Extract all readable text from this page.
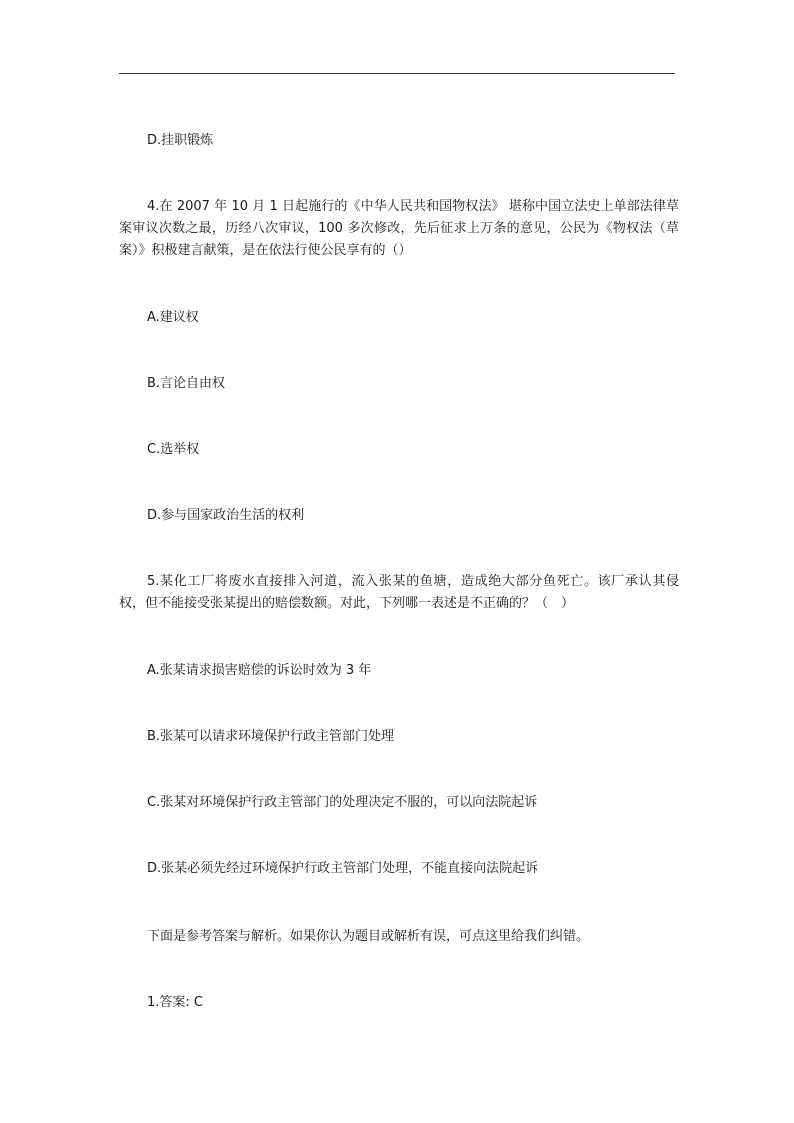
D.挂职锻炼
4.在 2007 年 10 月 1 日起施行的《中华人民共和国物权法》 堪称中国立法史上单部法律草案审议次数之最，历经八次审议，100 多次修改，先后征求上万条的意见，公民为《物权法（草案）》积极建言献策，是在依法行使公民享有的（）
A.建议权
B.言论自由权
C.选举权
D.参与国家政治生活的权利
5.某化工厂将废水直接排入河道，流入张某的鱼塘，造成绝大部分鱼死亡。该厂承认其侵权，但不能接受张某提出的赔偿数额。对此，下列哪一表述是不正确的？（　）
A.张某请求损害赔偿的诉讼时效为 3 年
B.张某可以请求环境保护行政主管部门处理
C.张某对环境保护行政主管部门的处理决定不服的，可以向法院起诉
D.张某必须先经过环境保护行政主管部门处理，不能直接向法院起诉
下面是参考答案与解析。如果你认为题目或解析有误，可点这里给我们纠错。
1.答案: C
